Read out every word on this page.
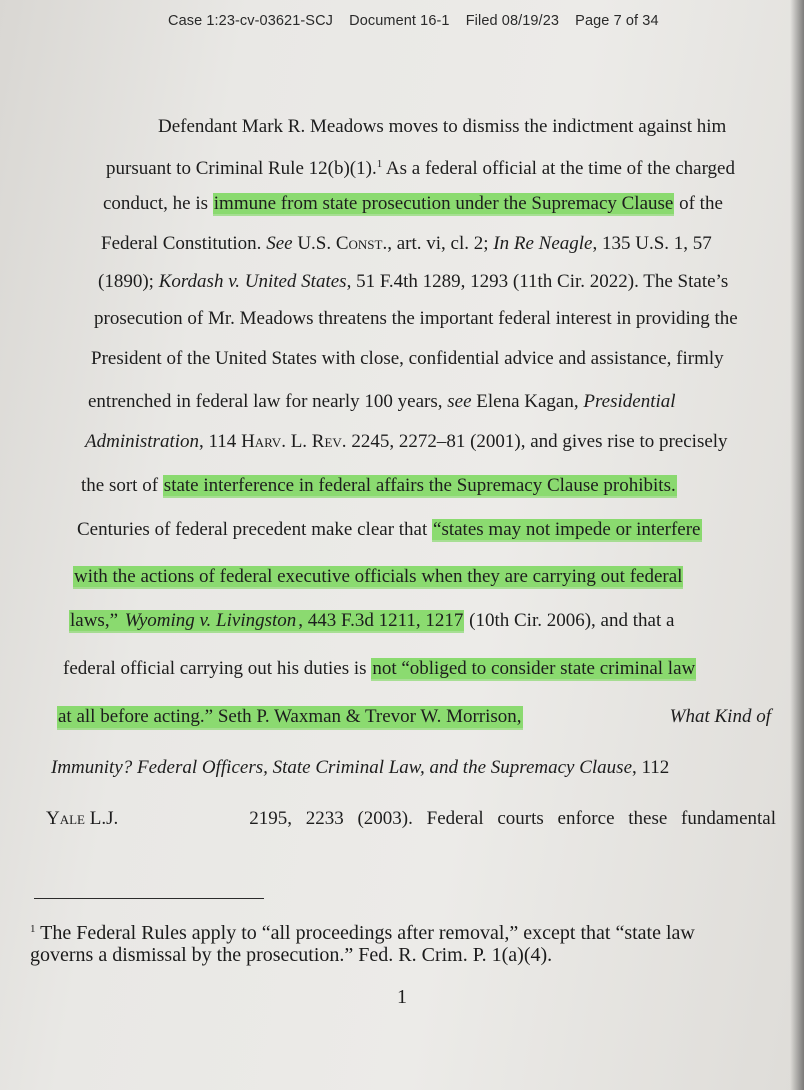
Case 1:23-cv-03621-SCJ Document 16-1 Filed 08/19/23 Page 7 of 34
Defendant Mark R. Meadows moves to dismiss the indictment against him
pursuant to Criminal Rule 12(b)(1).$^1$ As a federal official at the time of the charged
conduct, he is immune from state prosecution under the Supremacy Clause of the
Federal Constitution. See U.S. Const., art. vi, cl. 2; In Re Neagle, 135 U.S. 1, 57
(1890); Kordash v. United States, 51 F.4th 1289, 1293 (11th Cir. 2022). The State’s
prosecution of Mr. Meadows threatens the important federal interest in providing the
President of the United States with close, confidential advice and assistance, firmly
entrenched in federal law for nearly 100 years, see Elena Kagan, Presidential
Administration, 114 Harv. L. Rev. 2245, 2272–81 (2001), and gives rise to precisely
the sort of state interference in federal affairs the Supremacy Clause prohibits.
Centuries of federal precedent make clear that “states may not impede or interfere
with the actions of federal executive officials when they are carrying out federal
laws,” Wyoming v. Livingston , 443 F.3d 1211, 1217 (10th Cir. 2006), and that a
federal official carrying out his duties is not “obliged to consider state criminal law
at all before acting.” Seth P. Waxman & Trevor W. Morrison,	What Kind of
Immunity? Federal Officers, State Criminal Law, and the Supremacy Clause, 112
Yale L.J.	2195, 2233 (2003). Federal courts enforce these fundamental
$^1$ The Federal Rules apply to “all proceedings after removal,” except that “state law
governs a dismissal by the prosecution.” Fed. R. Crim. P. 1(a)(4).
1
